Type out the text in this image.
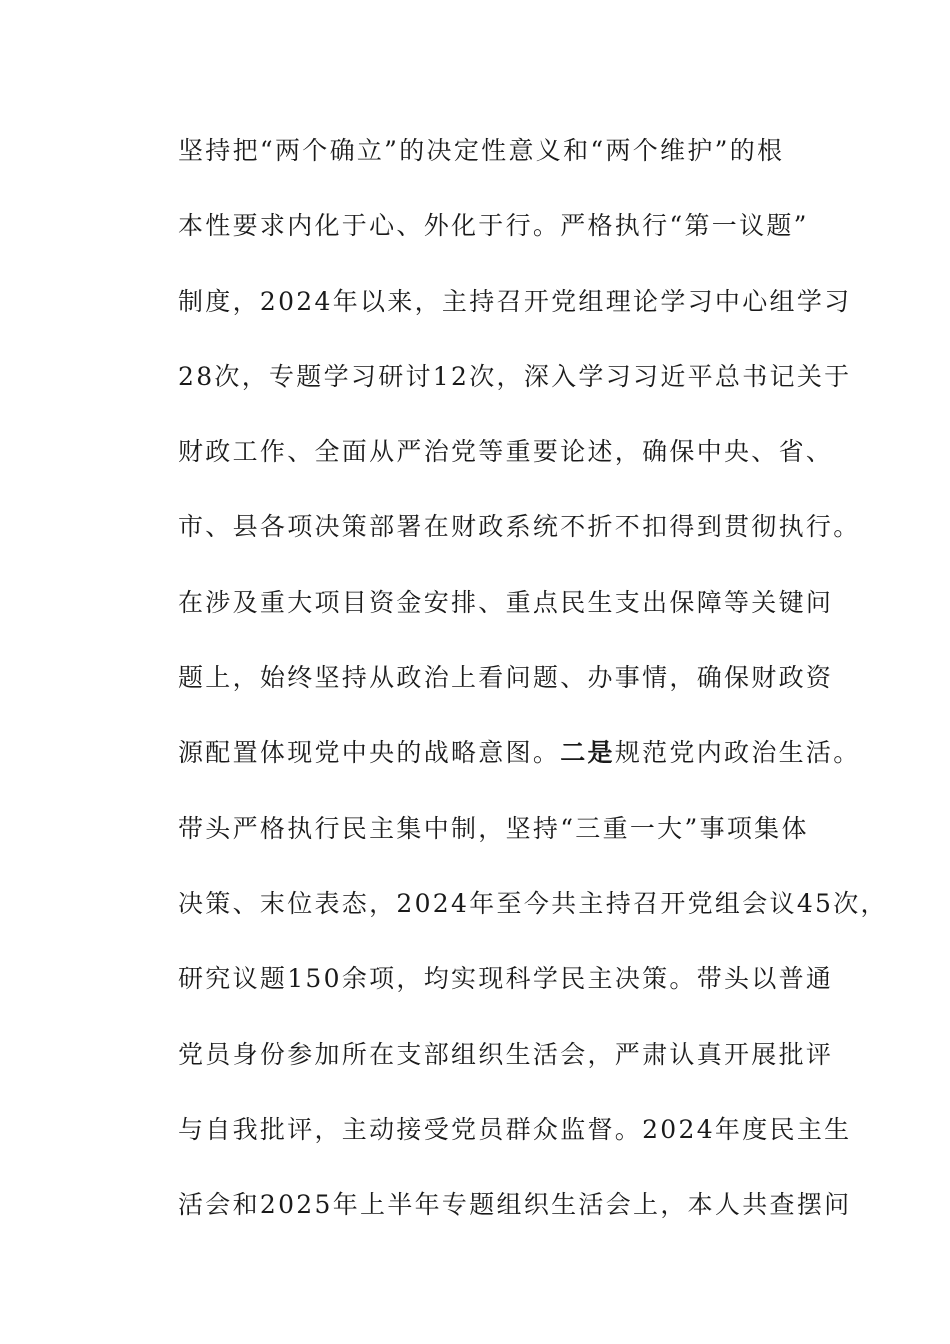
坚持把“两个确立”的决定性意义和“两个维护”的根
本性要求内化于心、外化于行。严格执行“第一议题”
制度，2024年以来，主持召开党组理论学习中心组学习
28次，专题学习研讨12次，深入学习习近平总书记关于
财政工作、全面从严治党等重要论述，确保中央、省、
市、县各项决策部署在财政系统不折不扣得到贯彻执行。
在涉及重大项目资金安排、重点民生支出保障等关键问
题上，始终坚持从政治上看问题、办事情，确保财政资
源配置体现党中央的战略意图。二是规范党内政治生活。
带头严格执行民主集中制，坚持“三重一大”事项集体
决策、末位表态，2024年至今共主持召开党组会议45次，
研究议题150余项，均实现科学民主决策。带头以普通
党员身份参加所在支部组织生活会，严肃认真开展批评
与自我批评，主动接受党员群众监督。2024年度民主生
活会和2025年上半年专题组织生活会上，本人共查摆问
